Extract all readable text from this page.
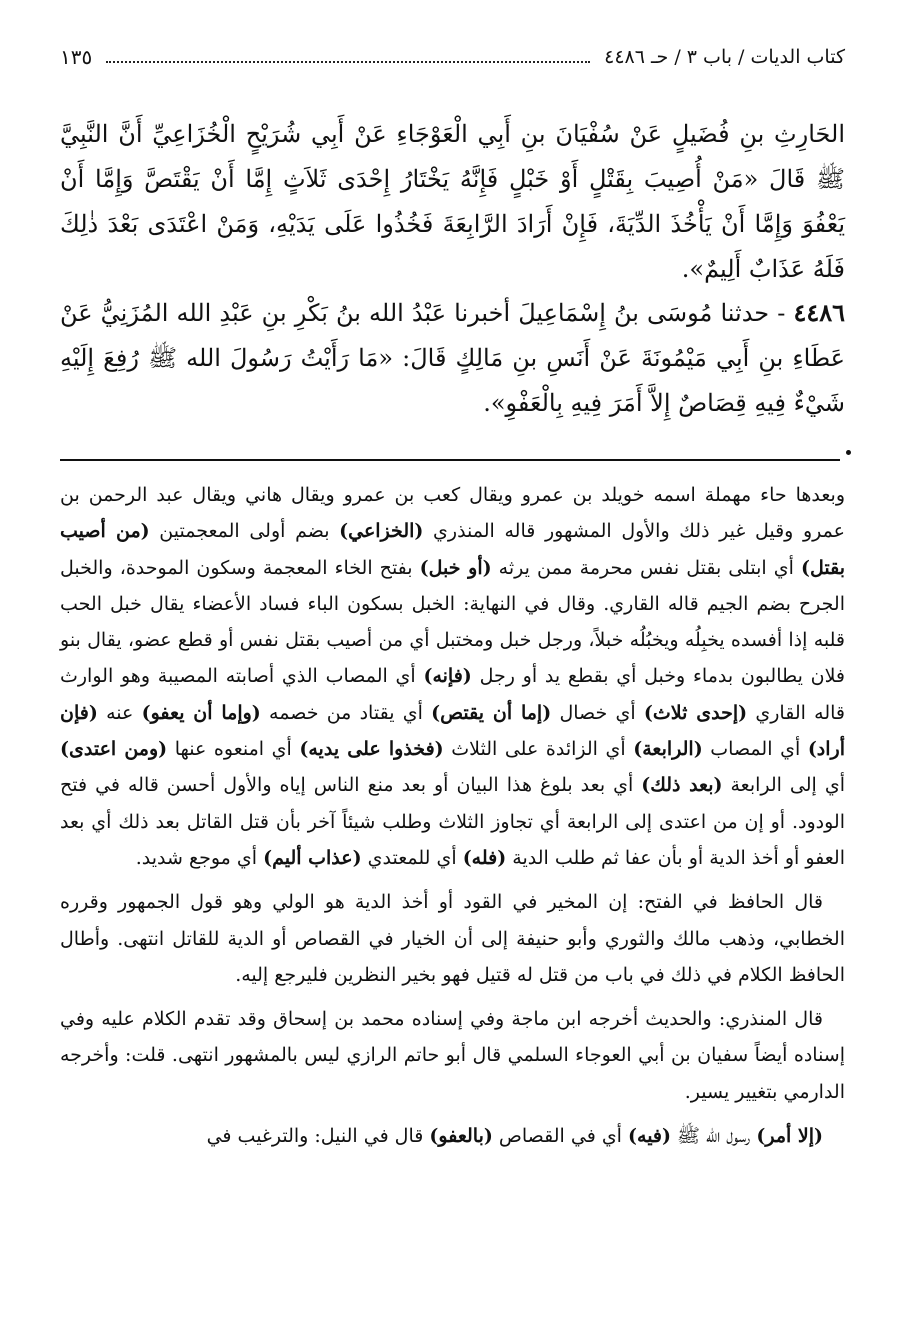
كتاب الديات / باب ٣ / حـ ٤٤٨٦
١٣٥

الحَارِثِ بنِ فُضَيلٍ عَنْ سُفْيَانَ بنِ أَبِي الْعَوْجَاءِ عَنْ أَبِي شُرَيْحٍ الْخُزَاعِيِّ أَنَّ النَّبِيَّ ﷺ قَالَ «مَنْ أُصِيبَ بِقَتْلٍ أَوْ خَبْلٍ فَإِنَّهُ يَخْتَارُ إِحْدَى ثَلاَثٍ إِمَّا أَنْ يَقْتَصَّ وَإِمَّا أَنْ يَعْفُوَ وَإِمَّا أَنْ يَأْخُذَ الدِّيَةَ، فَإِنْ أَرَادَ الرَّابِعَةَ فَخُذُوا عَلَى يَدَيْهِ، وَمَنْ اعْتَدَى بَعْدَ ذٰلِكَ فَلَهُ عَذَابٌ أَلِيمٌ».

٤٤٨٦ - حدثنا مُوسَى بنُ إِسْمَاعِيلَ أخبرنا عَبْدُ الله بنُ بَكْرِ بنِ عَبْدِ الله المُزَنِيُّ عَنْ عَطَاءِ بنِ أَبِي مَيْمُونَةَ عَنْ أَنَسِ بنِ مَالِكٍ قَالَ: «مَا رَأَيْتُ رَسُولَ الله ﷺ رُفِعَ إِلَيْهِ شَيْءٌ فِيهِ قِصَاصٌ إِلاَّ أَمَرَ فِيهِ بِالْعَفْوِ».

وبعدها حاء مهملة اسمه خويلد بن عمرو ويقال كعب بن عمرو ويقال هاني ويقال عبد الرحمن بن عمرو وقيل غير ذلك والأول المشهور قاله المنذري (الخزاعي) بضم أولى المعجمتين (من أصيب بقتل) أي ابتلى بقتل نفس محرمة ممن يرثه (أو خبل) بفتح الخاء المعجمة وسكون الموحدة، والخبل الجرح بضم الجيم قاله القاري. وقال في النهاية: الخبل بسكون الباء فساد الأعضاء يقال خبل الحب قلبه إذا أفسده يخبِلُه ويخبُلُه خبلاً، ورجل خبل ومختبل أي من أصيب بقتل نفس أو قطع عضو، يقال بنو فلان يطالبون بدماء وخبل أي بقطع يد أو رجل (فإنه) أي المصاب الذي أصابته المصيبة وهو الوارث قاله القاري (إحدى ثلاث) أي خصال (إما أن يقتص) أي يقتاد من خصمه (وإما أن يعفو) عنه (فإن أراد) أي المصاب (الرابعة) أي الزائدة على الثلاث (فخذوا على يديه) أي امنعوه عنها (ومن اعتدى) أي إلى الرابعة (بعد ذلك) أي بعد بلوغ هذا البيان أو بعد منع الناس إياه والأول أحسن قاله في فتح الودود. أو إن من اعتدى إلى الرابعة أي تجاوز الثلاث وطلب شيئاً آخر بأن قتل القاتل بعد ذلك أي بعد العفو أو أخذ الدية أو بأن عفا ثم طلب الدية (فله) أي للمعتدي (عذاب أليم) أي موجع شديد.

قال الحافظ في الفتح: إن المخير في القود أو أخذ الدية هو الولي وهو قول الجمهور وقرره الخطابي، وذهب مالك والثوري وأبو حنيفة إلى أن الخيار في القصاص أو الدية للقاتل انتهى. وأطال الحافظ الكلام في ذلك في باب من قتل له قتيل فهو بخير النظرين فليرجع إليه.

قال المنذري: والحديث أخرجه ابن ماجة وفي إسناده محمد بن إسحاق وقد تقدم الكلام عليه وفي إسناده أيضاً سفيان بن أبي العوجاء السلمي قال أبو حاتم الرازي ليس بالمشهور انتهى. قلت: وأخرجه الدارمي بتغيير يسير.

(إلا أمر) رسول الله ﷺ (فيه) أي في القصاص (بالعفو) قال في النيل: والترغيب في
